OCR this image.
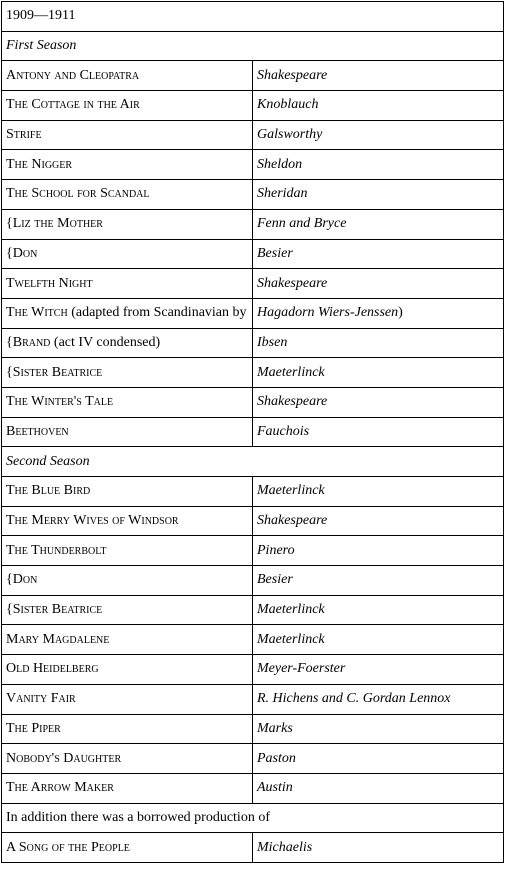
1909—1911	
First Season	
Antony and Cleopatra	Shakespeare
The Cottage in the Air	Knoblauch
Strife	Galsworthy
The Nigger	Sheldon
The School for Scandal	Sheridan
{Liz the Mother	Fenn and Bryce
{Don	Besier
Twelfth Night	Shakespeare
The Witch (adapted from Scandinavian by	Hagadorn Wiers-Jenssen)
{Brand (act IV condensed)	Ibsen
{Sister Beatrice	Maeterlinck
The Winter's Tale	Shakespeare
Beethoven	Fauchois
Second Season	
The Blue Bird	Maeterlinck
The Merry Wives of Windsor	Shakespeare
The Thunderbolt	Pinero
{Don	Besier
{Sister Beatrice	Maeterlinck
Mary Magdalene	Maeterlinck
Old Heidelberg	Meyer-Foerster
Vanity Fair	R. Hichens and C. Gordan Lennox
The Piper	Marks
Nobody's Daughter	Paston
The Arrow Maker	Austin
In addition there was a borrowed production of	
A Song of the People	Michaelis
